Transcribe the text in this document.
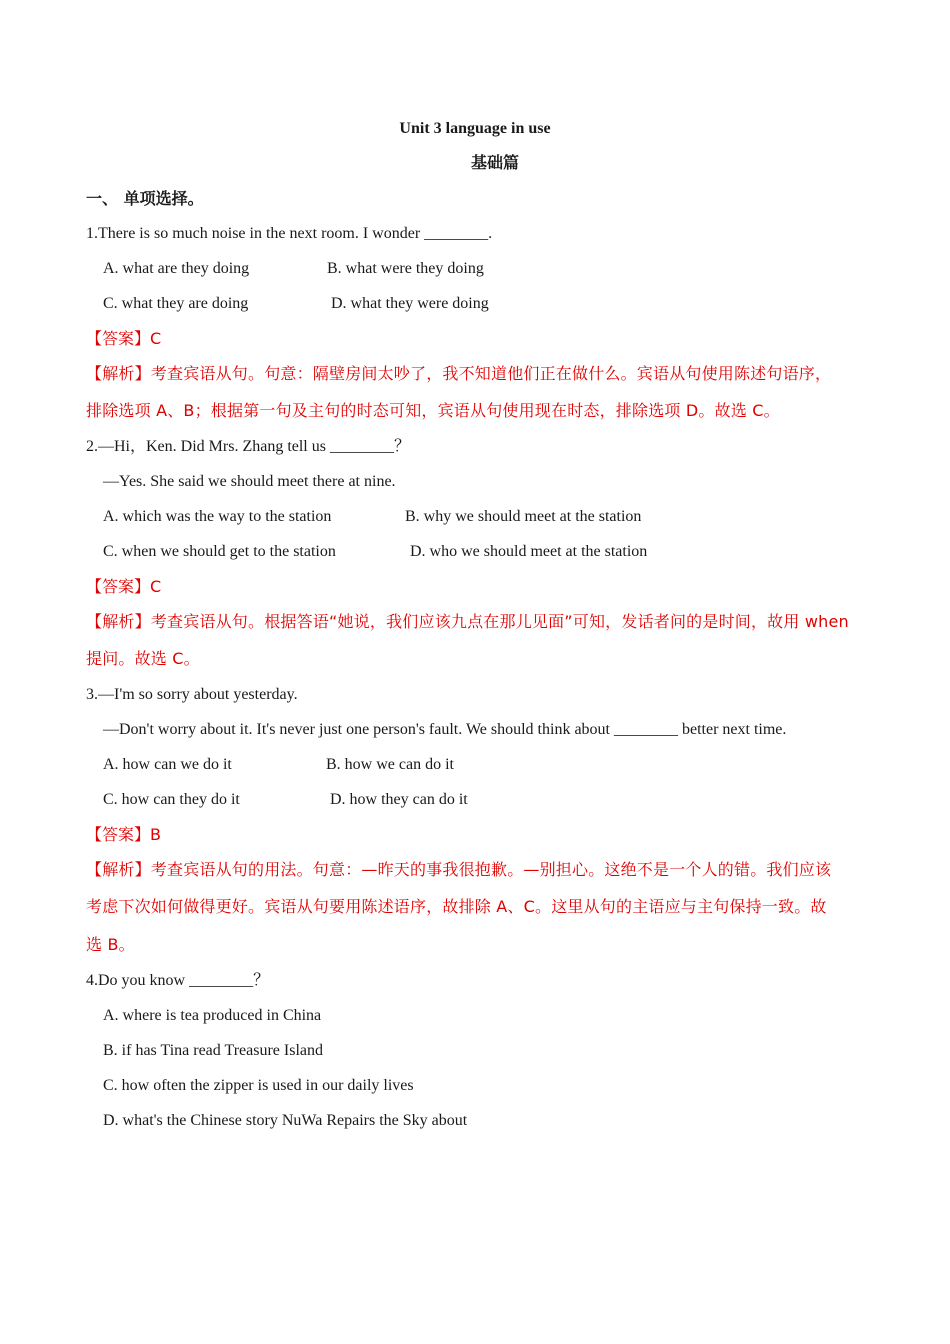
Unit 3 language in use
基础篇
一、 单项选择。
1.There is so much noise in the next room. I wonder ________.
A. what are they doing	B. what were they doing
C. what they are doing	D. what they were doing
【答案】C
【解析】考查宾语从句。句意：隔壁房间太吵了，我不知道他们正在做什么。宾语从句使用陈述句语序，
排除选项 A、B；根据第一句及主句的时态可知，宾语从句使用现在时态，排除选项 D。故选 C。
2.—Hi，Ken. Did Mrs. Zhang tell us ________？
—Yes. She said we should meet there at nine.
A. which was the way to the station	B. why we should meet at the station
C. when we should get to the station	D. who we should meet at the station
【答案】C
【解析】考查宾语从句。根据答语“她说，我们应该九点在那儿见面”可知，发话者问的是时间，故用 when
提问。故选 C。
3.—I'm so sorry about yesterday.
—Don't worry about it. It's never just one person's fault. We should think about ________ better next time.
A. how can we do it	B. how we can do it
C. how can they do it	D. how they can do it
【答案】B
【解析】考查宾语从句的用法。句意：—昨天的事我很抱歉。—别担心。这绝不是一个人的错。我们应该
考虑下次如何做得更好。宾语从句要用陈述语序，故排除 A、C。这里从句的主语应与主句保持一致。故
选 B。
4.Do you know ________？
A. where is tea produced in China
B. if has Tina read Treasure Island
C. how often the zipper is used in our daily lives
D. what's the Chinese story NuWa Repairs the Sky about
